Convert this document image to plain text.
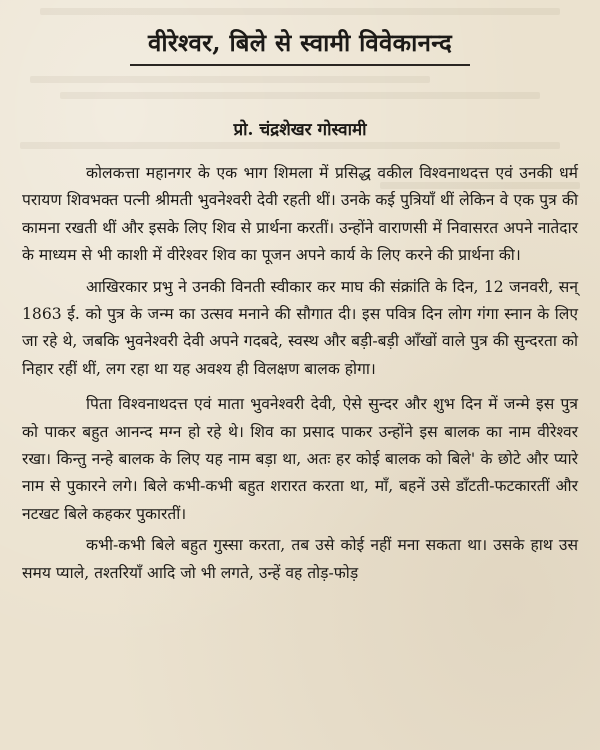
वीरेश्वर, बिले से स्वामी विवेकानन्द
प्रो. चंद्रशेखर गोस्वामी

कोलकत्ता महानगर के एक भाग शिमला में प्रसिद्ध वकील विश्वनाथदत्त एवं उनकी धर्म परायण शिवभक्त पत्नी श्रीमती भुवनेश्वरी देवी रहती थीं। उनके कई पुत्रियाँ थीं लेकिन वे एक पुत्र की कामना रखती थीं और इसके लिए शिव से प्रार्थना करतीं। उन्होंने वाराणसी में निवासरत अपने नातेदार के माध्यम से भी काशी में वीरेश्वर शिव का पूजन अपने कार्य के लिए करने की प्रार्थना की।

आखिरकार प्रभु ने उनकी विनती स्वीकार कर माघ की संक्रांति के दिन, 12 जनवरी, सन् 1863 ई. को पुत्र के जन्म का उत्सव मनाने की सौगात दी। इस पवित्र दिन लोग गंगा स्नान के लिए जा रहे थे, जबकि भुवनेश्वरी देवी अपने गदबदे, स्वस्थ और बड़ी-बड़ी आँखों वाले पुत्र की सुन्दरता को निहार रहीं थीं, लग रहा था यह अवश्य ही विलक्षण बालक होगा।

पिता विश्वनाथदत्त एवं माता भुवनेश्वरी देवी, ऐसे सुन्दर और शुभ दिन में जन्मे इस पुत्र को पाकर बहुत आनन्द मग्न हो रहे थे। शिव का प्रसाद पाकर उन्होंने इस बालक का नाम वीरेश्वर रखा। किन्तु नन्हे बालक के लिए यह नाम बड़ा था, अतः हर कोई बालक को बिले' के छोटे और प्यारे नाम से पुकारने लगे। बिले कभी-कभी बहुत शरारत करता था, माँ, बहनें उसे डाँटती-फटकारतीं और नटखट बिले कहकर पुकारतीं।

कभी-कभी बिले बहुत गुस्सा करता, तब उसे कोई नहीं मना सकता था। उसके हाथ उस समय प्याले, तश्तरियाँ आदि जो भी लगते, उन्हें वह तोड़-फोड़
